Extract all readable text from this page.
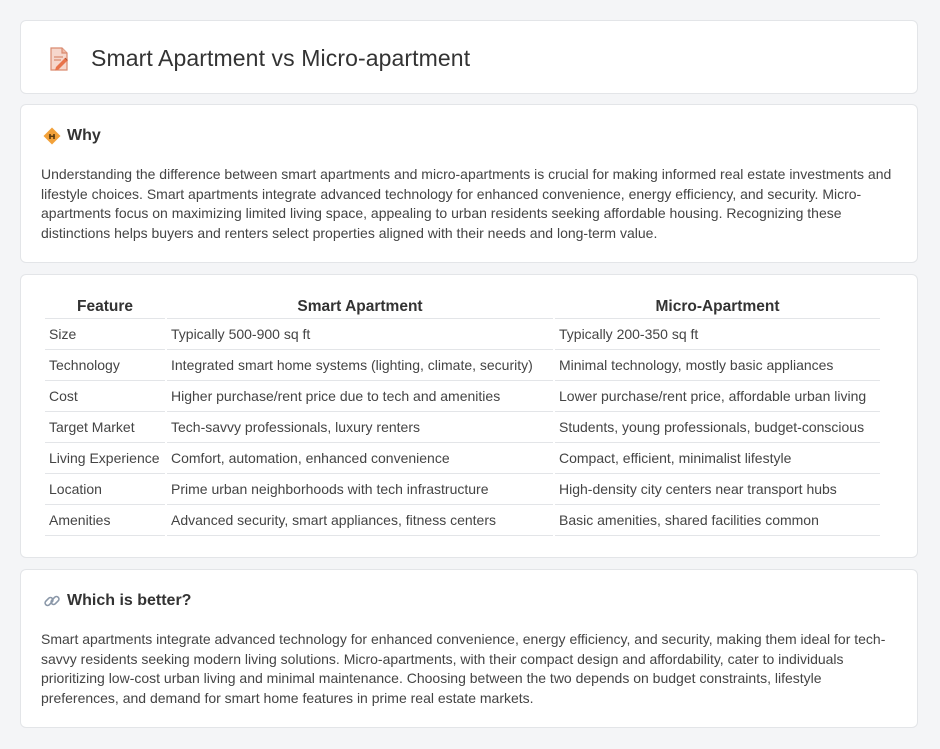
Smart Apartment vs Micro-apartment
Why
Understanding the difference between smart apartments and micro-apartments is crucial for making informed real estate investments and lifestyle choices. Smart apartments integrate advanced technology for enhanced convenience, energy efficiency, and security. Micro-apartments focus on maximizing limited living space, appealing to urban residents seeking affordable housing. Recognizing these distinctions helps buyers and renters select properties aligned with their needs and long-term value.
Feature	Smart Apartment	Micro-Apartment
Size	Typically 500-900 sq ft	Typically 200-350 sq ft
Technology	Integrated smart home systems (lighting, climate, security)	Minimal technology, mostly basic appliances
Cost	Higher purchase/rent price due to tech and amenities	Lower purchase/rent price, affordable urban living
Target Market	Tech-savvy professionals, luxury renters	Students, young professionals, budget-conscious
Living Experience	Comfort, automation, enhanced convenience	Compact, efficient, minimalist lifestyle
Location	Prime urban neighborhoods with tech infrastructure	High-density city centers near transport hubs
Amenities	Advanced security, smart appliances, fitness centers	Basic amenities, shared facilities common
Which is better?
Smart apartments integrate advanced technology for enhanced convenience, energy efficiency, and security, making them ideal for tech-savvy residents seeking modern living solutions. Micro-apartments, with their compact design and affordability, cater to individuals prioritizing low-cost urban living and minimal maintenance. Choosing between the two depends on budget constraints, lifestyle preferences, and demand for smart home features in prime real estate markets.
